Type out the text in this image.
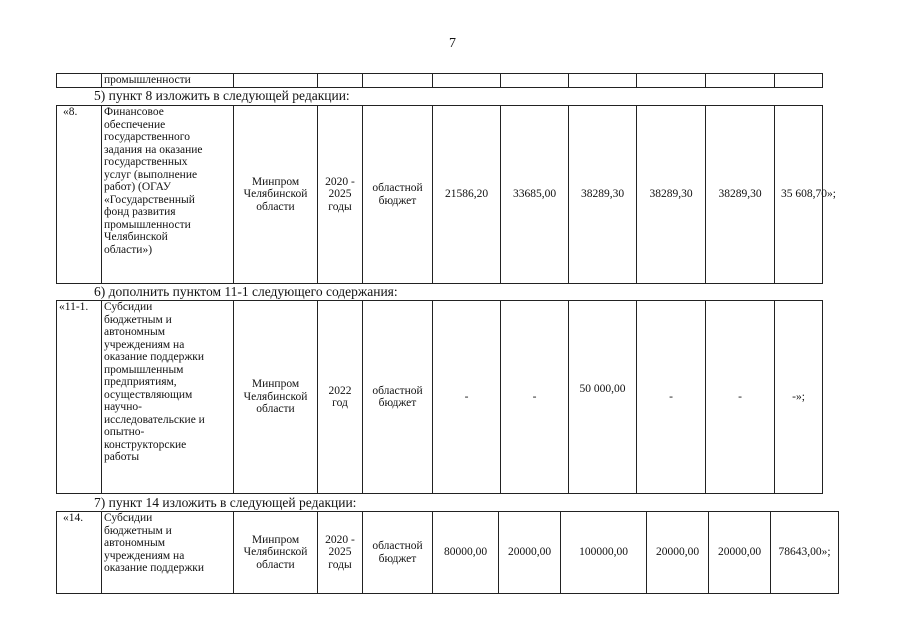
7
	промышленности									
5) пункт 8 изложить в следующей редакции:
«8.	Финансовое
обеспечение
государственного
задания на оказание
государственных
услуг (выполнение
работ) (ОГАУ
«Государственный
фонд развития
промышленности
Челябинской
области»)	Минпром
Челябинской
области	2020 -
2025
годы	областной
бюджет	21586,20	33685,00	38289,30	38289,30	38289,30	35 608,70»;
6) дополнить пунктом 11-1 следующего содержания:
«11-1.	Субсидии
бюджетным и
автономным
учреждениям на
оказание поддержки
промышленным
предприятиям,
осуществляющим
научно-
исследовательские и
опытно-
конструкторские
работы	Минпром
Челябинской
области	2022
год	областной
бюджет	-	-	50 000,00	-	-	-»;
7) пункт 14 изложить в следующей редакции:
«14.	Субсидии
бюджетным и
автономным
учреждениям на
оказание поддержки	Минпром
Челябинской
области	2020 -
2025
годы	областной
бюджет	80000,00	20000,00	100000,00	20000,00	20000,00	78643,00»;
